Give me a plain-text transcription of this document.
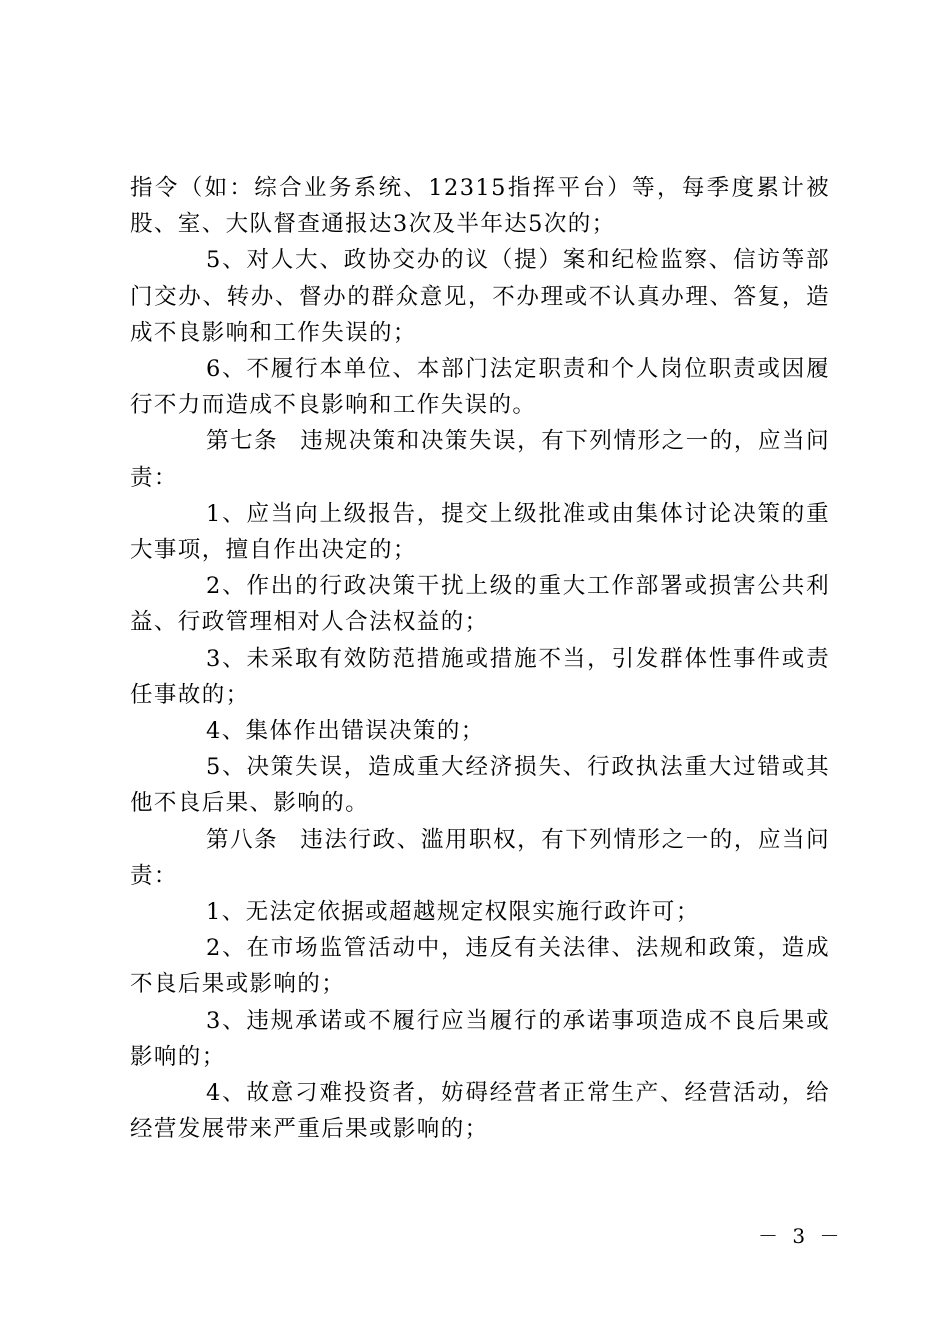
指令（如：综合业务系统、12315指挥平台）等，每季度累计被股、室、大队督查通报达3次及半年达5次的；

5、对人大、政协交办的议（提）案和纪检监察、信访等部门交办、转办、督办的群众意见，不办理或不认真办理、答复，造成不良影响和工作失误的；

6、不履行本单位、本部门法定职责和个人岗位职责或因履行不力而造成不良影响和工作失误的。

第七条 违规决策和决策失误，有下列情形之一的，应当问责：

1、应当向上级报告，提交上级批准或由集体讨论决策的重大事项，擅自作出决定的；

2、作出的行政决策干扰上级的重大工作部署或损害公共利益、行政管理相对人合法权益的；

3、未采取有效防范措施或措施不当，引发群体性事件或责任事故的；

4、集体作出错误决策的；

5、决策失误，造成重大经济损失、行政执法重大过错或其他不良后果、影响的。

第八条 违法行政、滥用职权，有下列情形之一的，应当问责：

1、无法定依据或超越规定权限实施行政许可；

2、在市场监管活动中，违反有关法律、法规和政策，造成不良后果或影响的；

3、违规承诺或不履行应当履行的承诺事项造成不良后果或影响的；

4、故意刁难投资者，妨碍经营者正常生产、经营活动，给经营发展带来严重后果或影响的；

－ 3 －
